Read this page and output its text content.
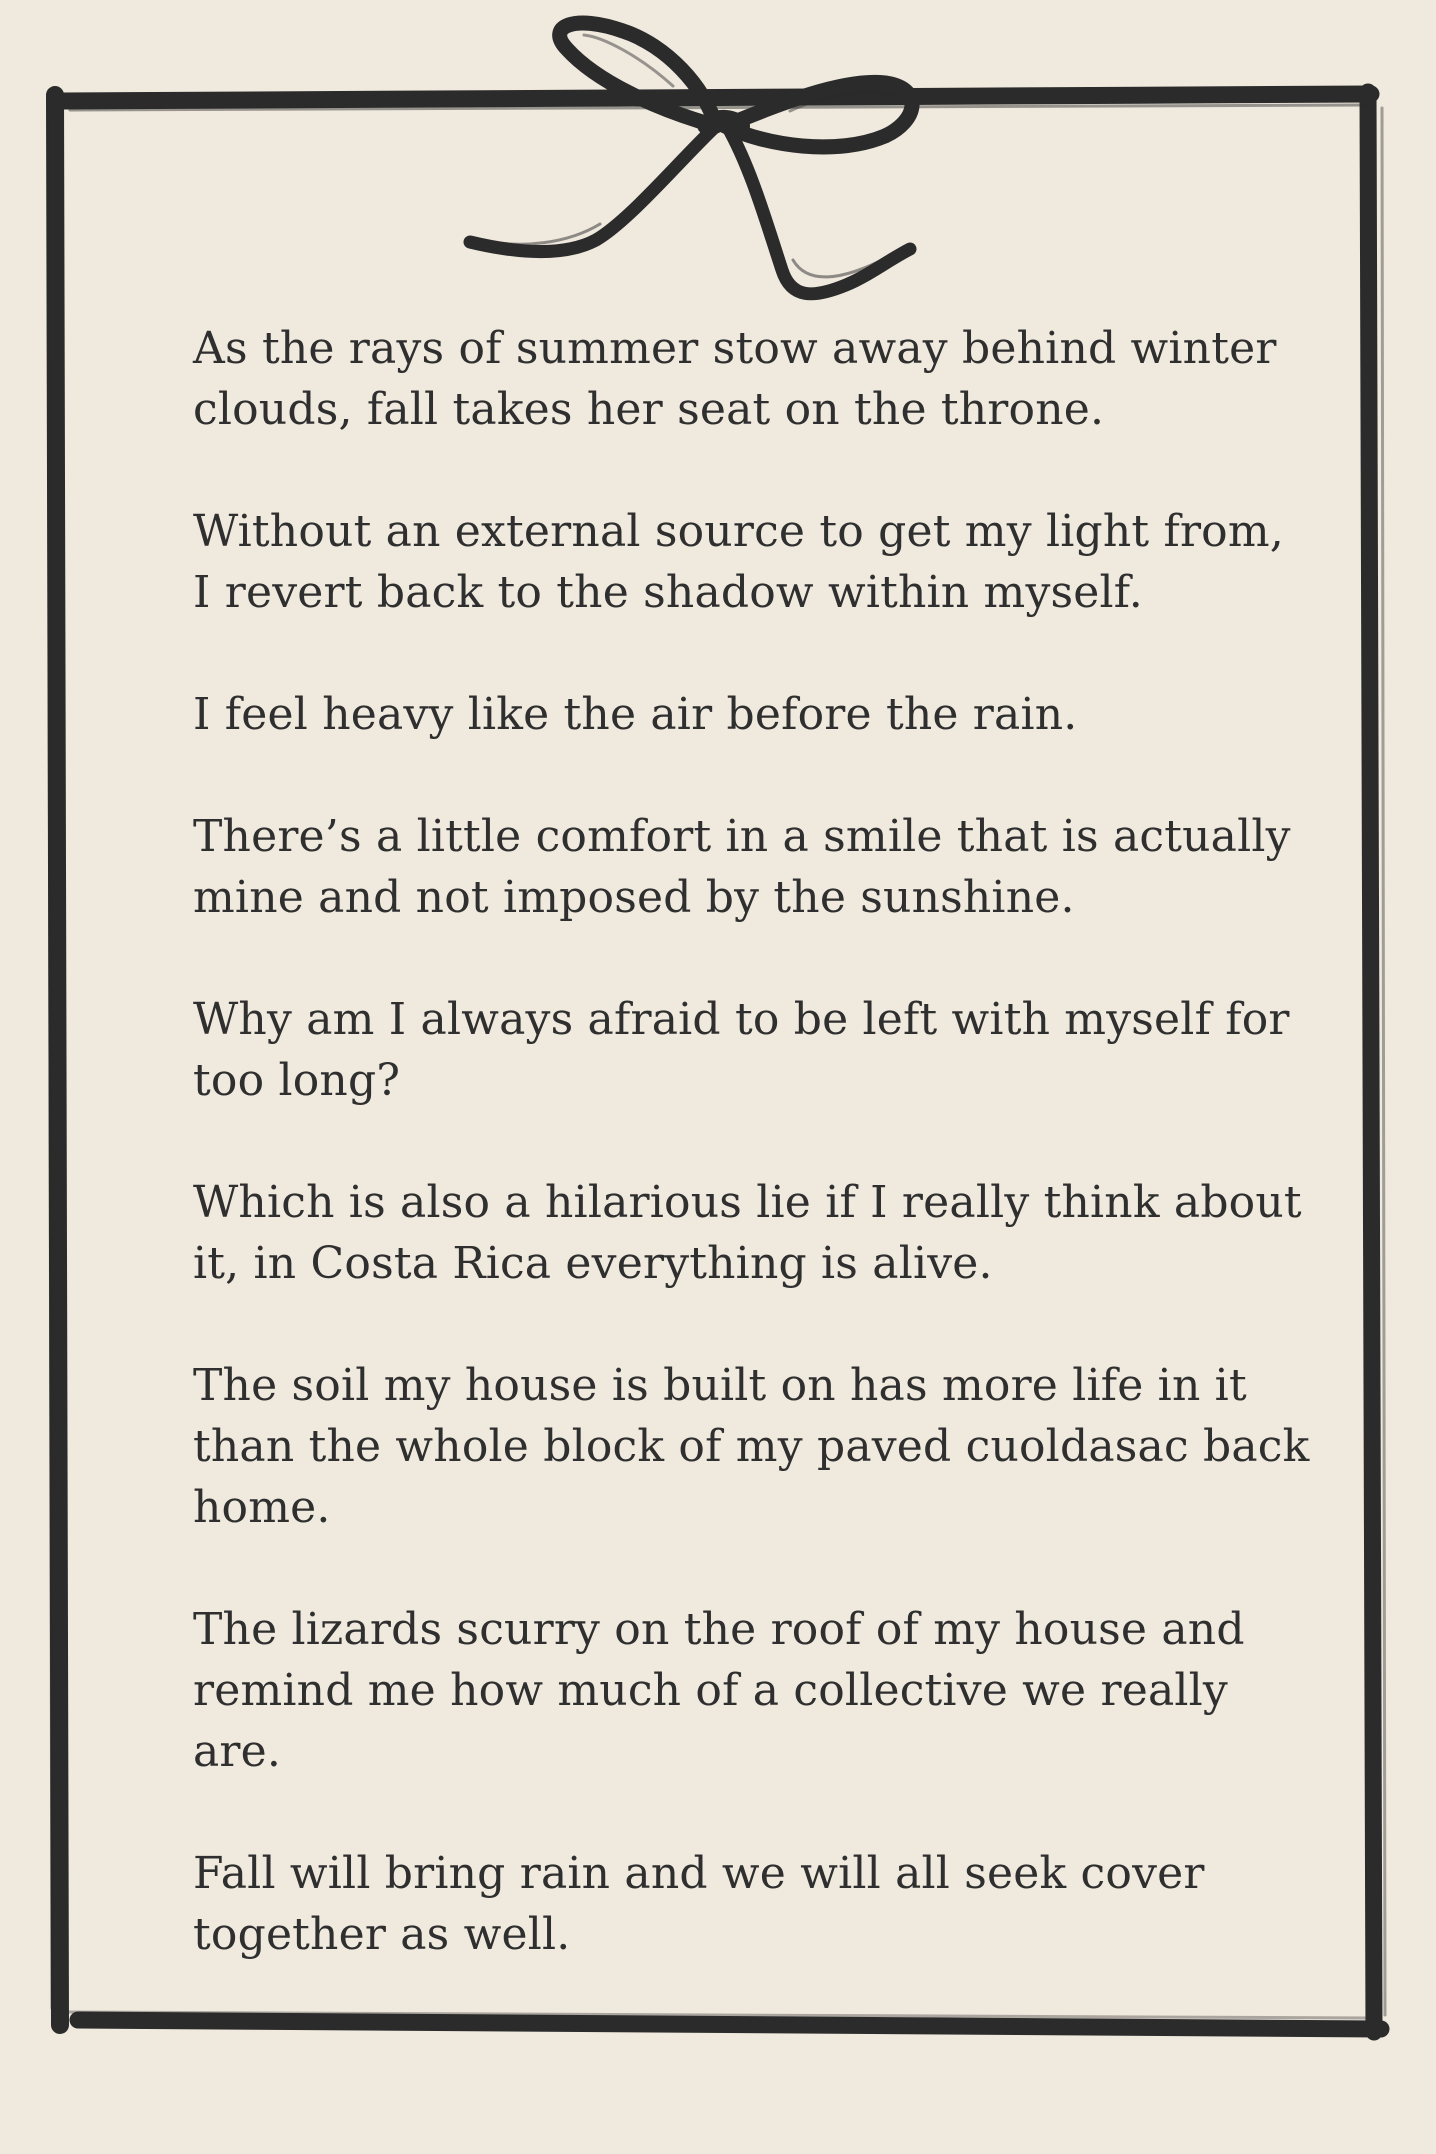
As the rays of summer stow away behind winter clouds, fall takes her seat on the throne.

Without an external source to get my light from, I revert back to the shadow within myself.

I feel heavy like the air before the rain.

There’s a little comfort in a smile that is actually mine and not imposed by the sunshine.

Why am I always afraid to be left with myself for too long?

Which is also a hilarious lie if I really think about it, in Costa Rica everything is alive.

The soil my house is built on has more life in it than the whole block of my paved cuoldasac back home.

The lizards scurry on the roof of my house and remind me how much of a collective we really are.

Fall will bring rain and we will all seek cover together as well.
